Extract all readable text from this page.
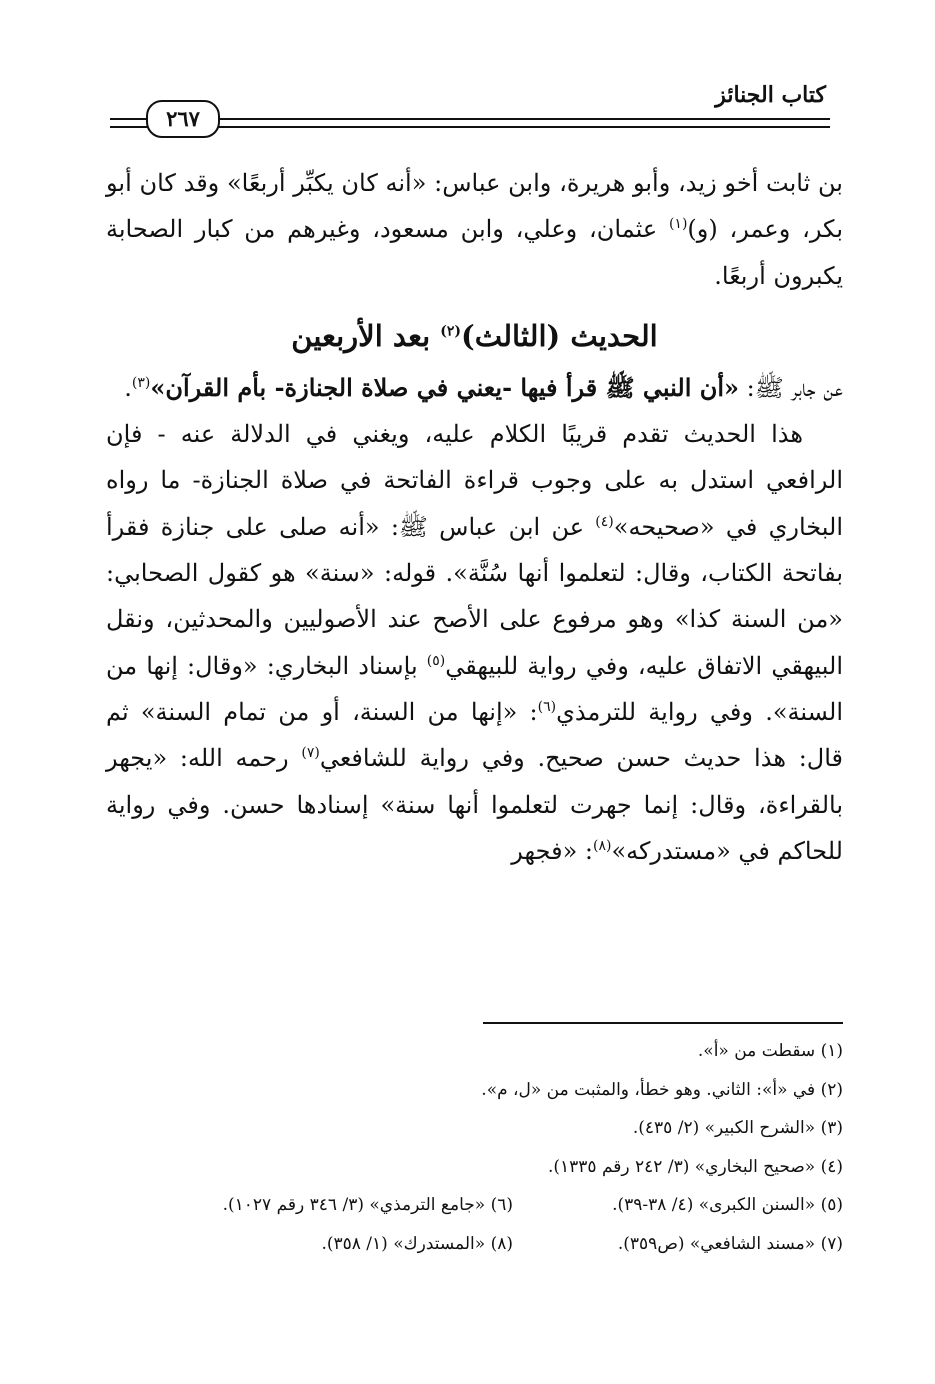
كتاب الجنائز
٢٦٧

بن ثابت أخو زيد، وأبو هريرة، وابن عباس: «أنه كان يكبِّر أربعًا» وقد كان أبو بكر، وعمر، (و)$^{(١)}$ عثمان، وعلي، وابن مسعود، وغيرهم من كبار الصحابة يكبرون أربعًا.

الحديث (الثالث)$^{(٢)}$ بعد الأربعين

عن جابر ﷺ: «أن النبي ﷺ قرأ فيها -يعني في صلاة الجنازة- بأم القرآن»$^{(٣)}$.

هذا الحديث تقدم قريبًا الكلام عليه، ويغني في الدلالة عنه - فإن الرافعي استدل به على وجوب قراءة الفاتحة في صلاة الجنازة- ما رواه البخاري في «صحيحه»$^{(٤)}$ عن ابن عباس ﷺ: «أنه صلى على جنازة فقرأ بفاتحة الكتاب، وقال: لتعلموا أنها سُنَّة». قوله: «سنة» هو كقول الصحابي: «من السنة كذا» وهو مرفوع على الأصح عند الأصوليين والمحدثين، ونقل البيهقي الاتفاق عليه، وفي رواية للبيهقي$^{(٥)}$ بإسناد البخاري: «وقال: إنها من السنة». وفي رواية للترمذي$^{(٦)}$: «إنها من السنة، أو من تمام السنة» ثم قال: هذا حديث حسن صحيح. وفي رواية للشافعي$^{(٧)}$ رحمه الله: «يجهر بالقراءة، وقال: إنما جهرت لتعلموا أنها سنة» إسنادها حسن. وفي رواية للحاكم في «مستدركه»$^{(٨)}$: «فجهر

(١) سقطت من «أ».
(٢) في «أ»: الثاني. وهو خطأ، والمثبت من «ل، م».
(٣) «الشرح الكبير» (٢/ ٤٣٥).
(٤) «صحيح البخاري» (٣/ ٢٤٢ رقم ١٣٣٥).
(٥) «السنن الكبرى» (٤/ ٣٨-٣٩).
(٦) «جامع الترمذي» (٣/ ٣٤٦ رقم ١٠٢٧).
(٧) «مسند الشافعي» (ص٣٥٩).
(٨) «المستدرك» (١/ ٣٥٨).
